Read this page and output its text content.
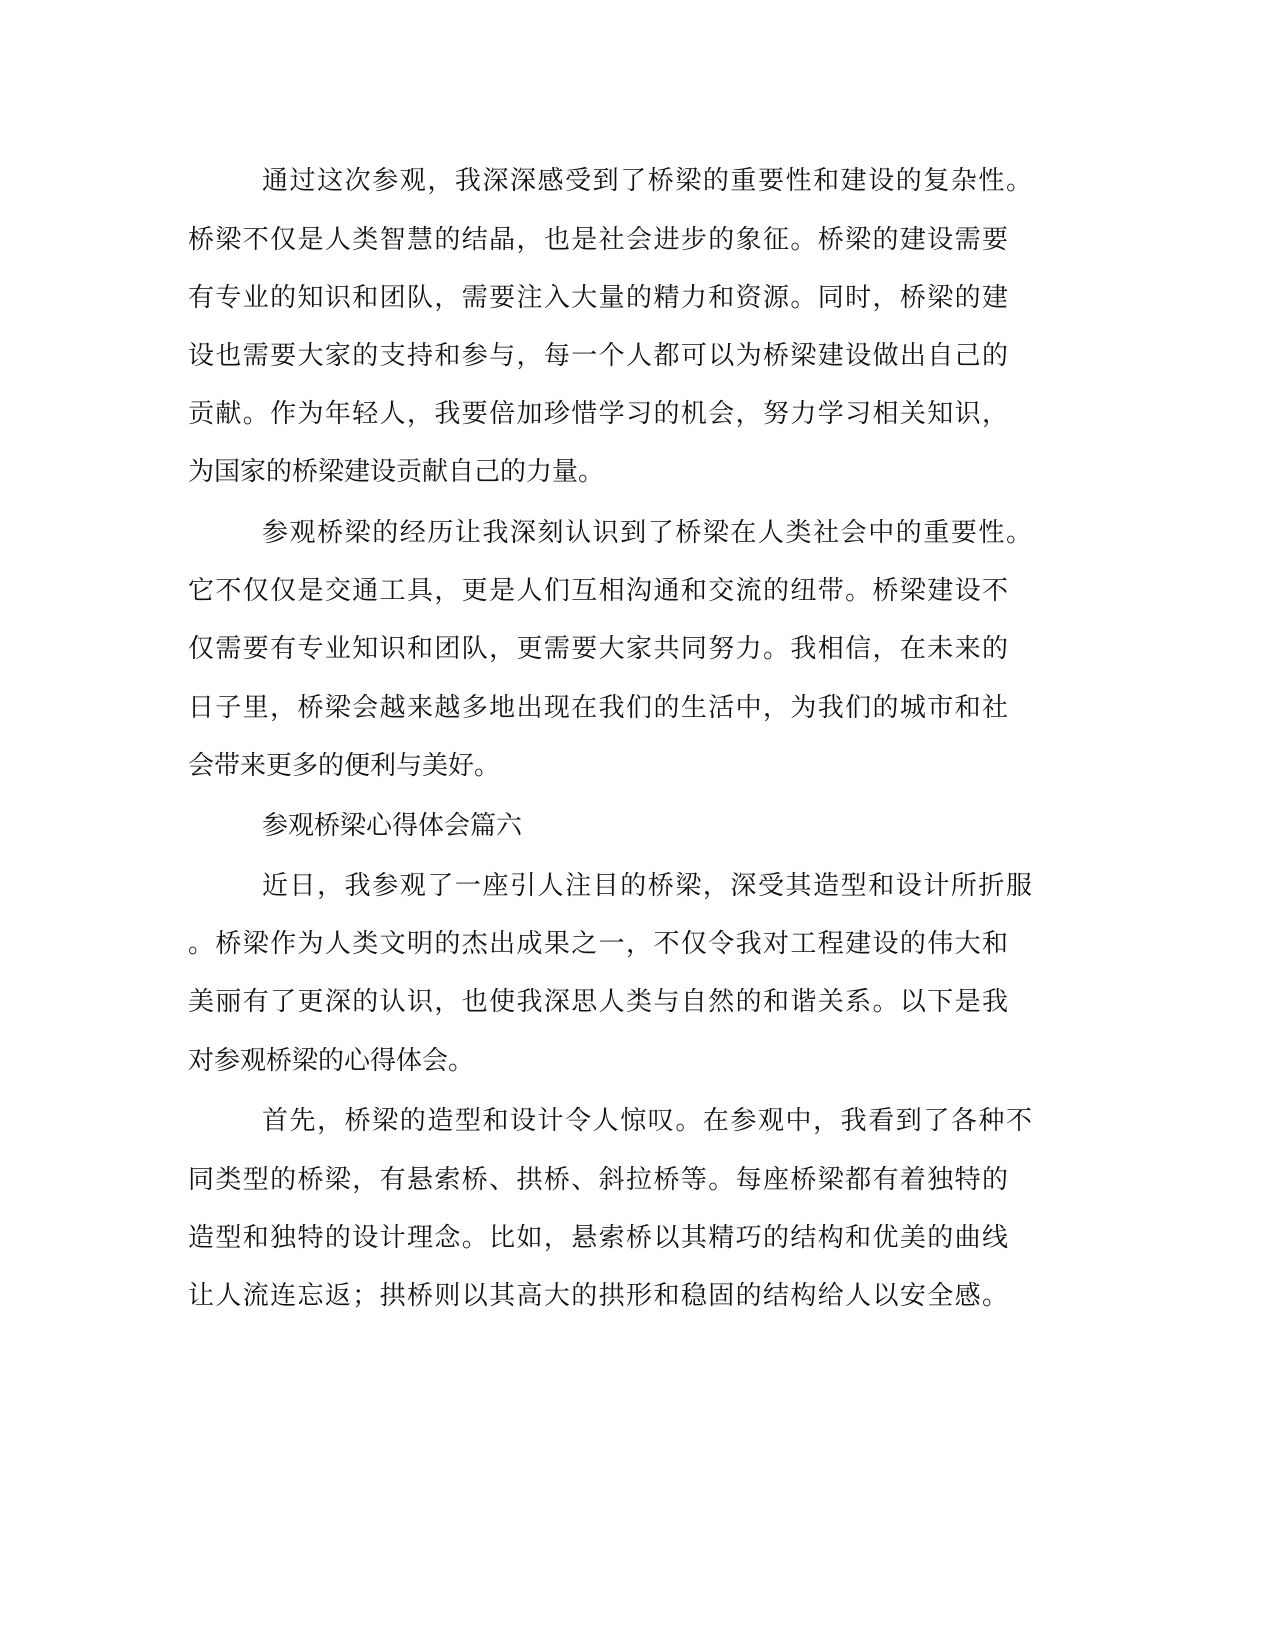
通过这次参观，我深深感受到了桥梁的重要性和建设的复杂性。

桥梁不仅是人类智慧的结晶，也是社会进步的象征。桥梁的建设需要

有专业的知识和团队，需要注入大量的精力和资源。同时，桥梁的建

设也需要大家的支持和参与，每一个人都可以为桥梁建设做出自己的

贡献。作为年轻人，我要倍加珍惜学习的机会，努力学习相关知识，

为国家的桥梁建设贡献自己的力量。

参观桥梁的经历让我深刻认识到了桥梁在人类社会中的重要性。

它不仅仅是交通工具，更是人们互相沟通和交流的纽带。桥梁建设不

仅需要有专业知识和团队，更需要大家共同努力。我相信，在未来的

日子里，桥梁会越来越多地出现在我们的生活中，为我们的城市和社

会带来更多的便利与美好。

参观桥梁心得体会篇六

近日，我参观了一座引人注目的桥梁，深受其造型和设计所折服

。桥梁作为人类文明的杰出成果之一，不仅令我对工程建设的伟大和

美丽有了更深的认识，也使我深思人类与自然的和谐关系。以下是我

对参观桥梁的心得体会。

首先，桥梁的造型和设计令人惊叹。在参观中，我看到了各种不

同类型的桥梁，有悬索桥、拱桥、斜拉桥等。每座桥梁都有着独特的

造型和独特的设计理念。比如，悬索桥以其精巧的结构和优美的曲线

让人流连忘返；拱桥则以其高大的拱形和稳固的结构给人以安全感。
